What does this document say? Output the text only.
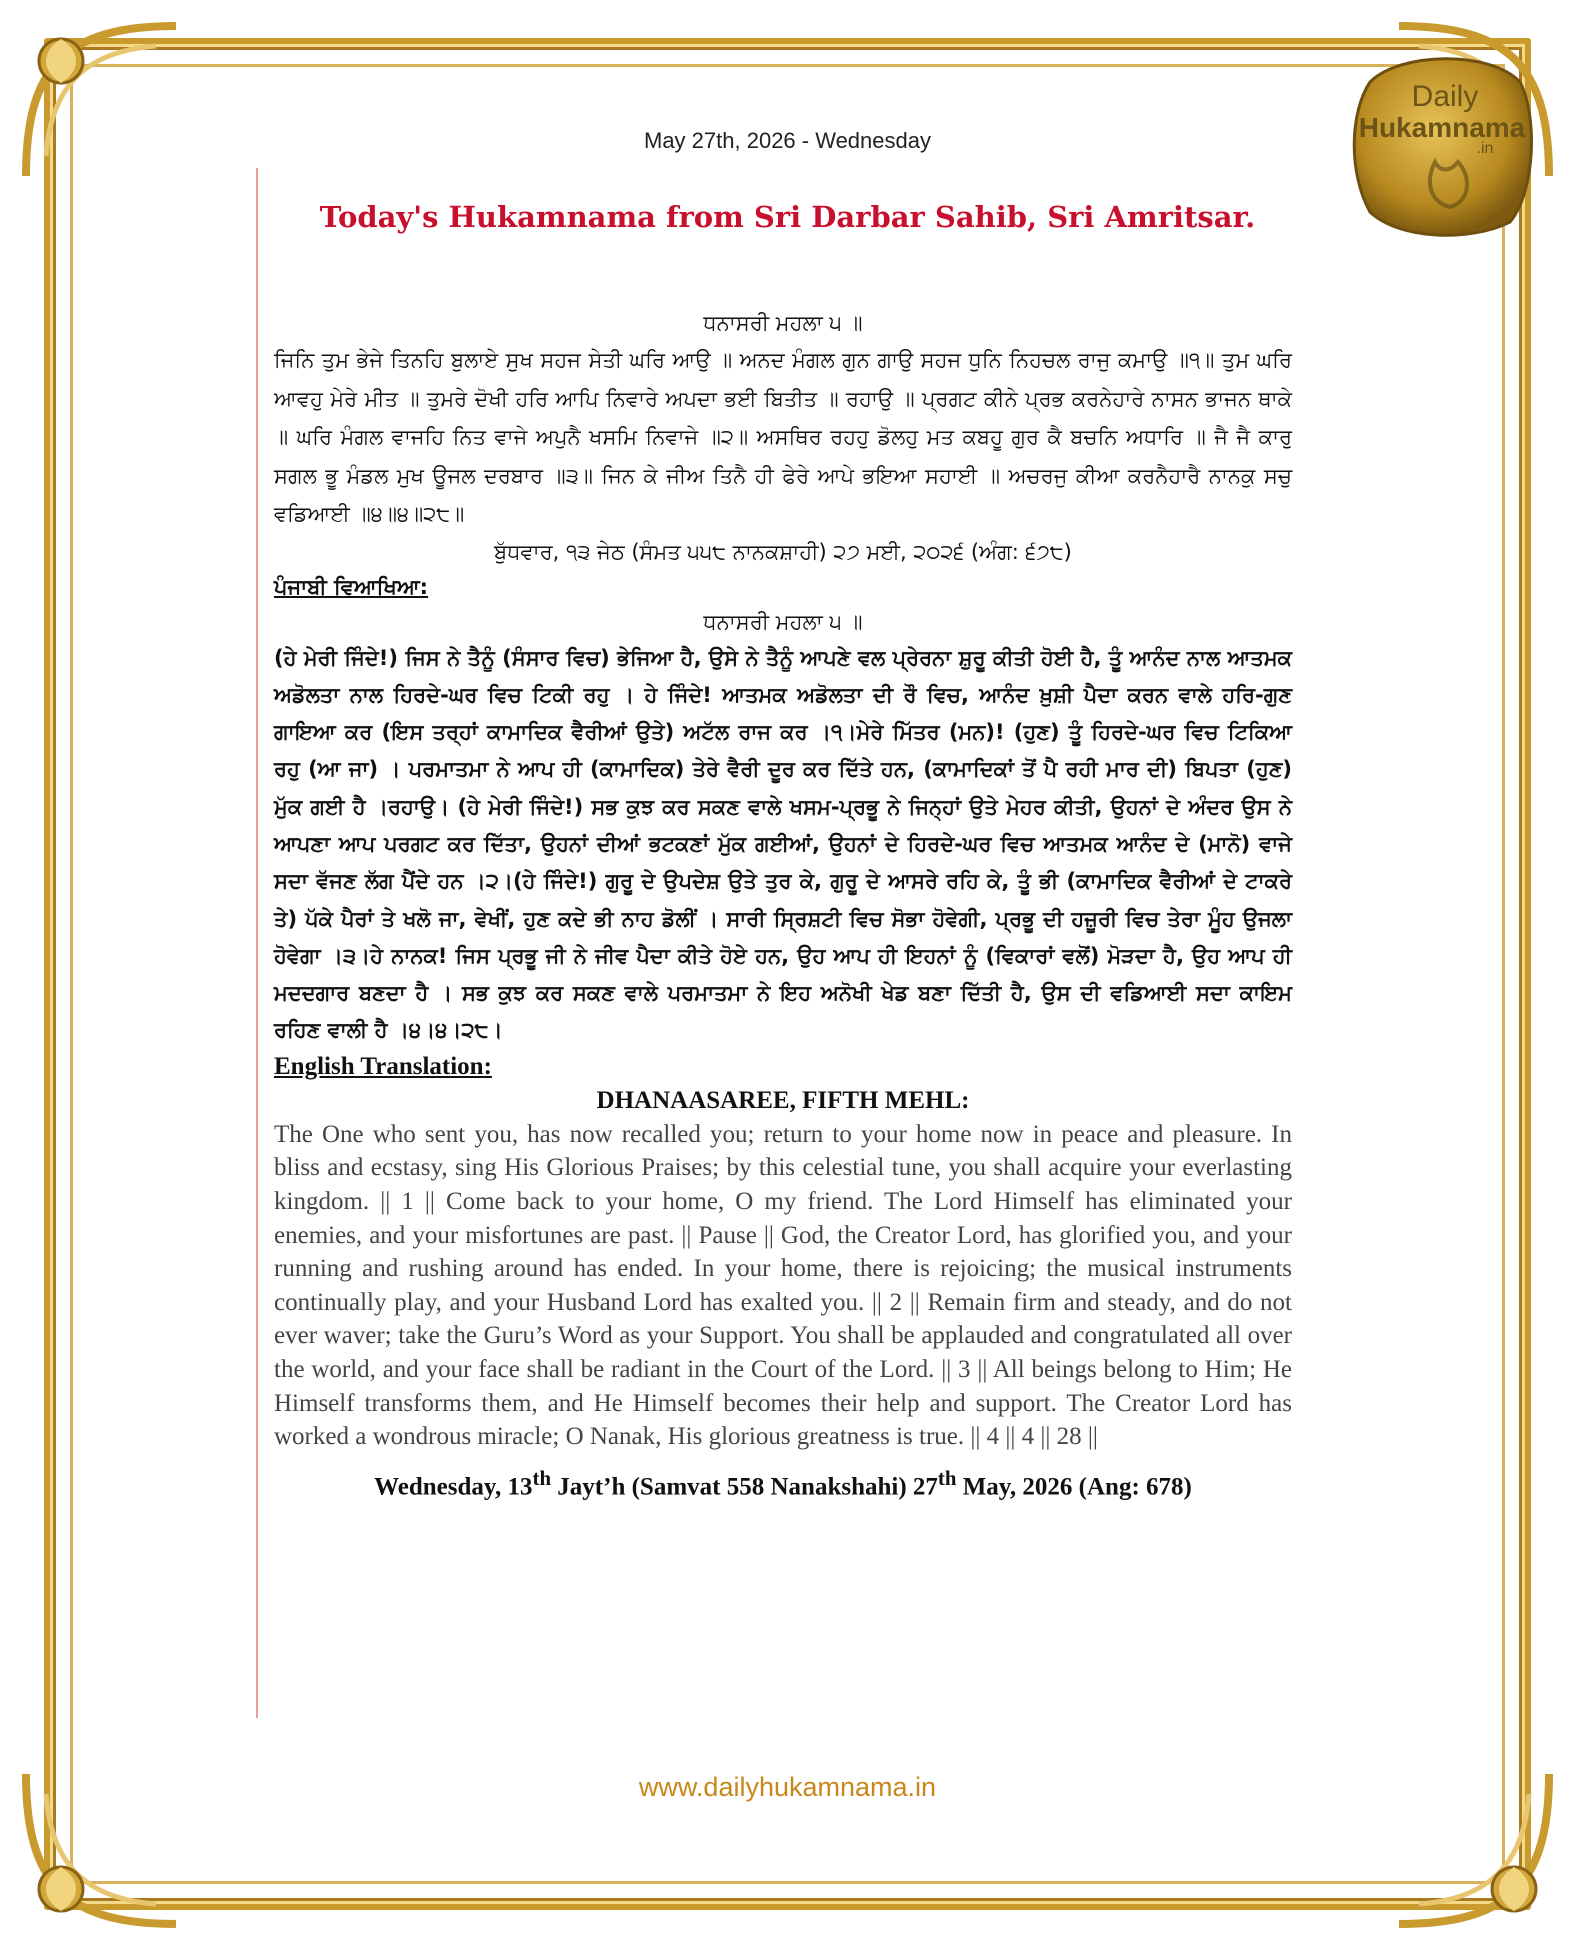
Daily
Hukamnama
.in
May 27th, 2026 - Wednesday
Today's Hukamnama from Sri Darbar Sahib, Sri Amritsar.

ਧਨਾਸਰੀ ਮਹਲਾ ੫ ॥

ਜਿਨਿ ਤੁਮ ਭੇਜੇ ਤਿਨਹਿ ਬੁਲਾਏ ਸੁਖ ਸਹਜ ਸੇਤੀ ਘਰਿ ਆਉ ॥ ਅਨਦ ਮੰਗਲ ਗੁਨ ਗਾਉ ਸਹਜ ਧੁਨਿ ਨਿਹਚਲ ਰਾਜੁ ਕਮਾਉ ॥੧॥ ਤੁਮ ਘਰਿ ਆਵਹੁ ਮੇਰੇ ਮੀਤ ॥ ਤੁਮਰੇ ਦੋਖੀ ਹਰਿ ਆਪਿ ਨਿਵਾਰੇ ਅਪਦਾ ਭਈ ਬਿਤੀਤ ॥ ਰਹਾਉ ॥ ਪ੍ਰਗਟ ਕੀਨੇ ਪ੍ਰਭ ਕਰਨੇਹਾਰੇ ਨਾਸਨ ਭਾਜਨ ਥਾਕੇ ॥ ਘਰਿ ਮੰਗਲ ਵਾਜਹਿ ਨਿਤ ਵਾਜੇ ਅਪੁਨੈ ਖਸਮਿ ਨਿਵਾਜੇ ॥੨॥ ਅਸਥਿਰ ਰਹਹੁ ਡੋਲਹੁ ਮਤ ਕਬਹੂ ਗੁਰ ਕੈ ਬਚਨਿ ਅਧਾਰਿ ॥ ਜੈ ਜੈ ਕਾਰੁ ਸਗਲ ਭੂ ਮੰਡਲ ਮੁਖ ਊਜਲ ਦਰਬਾਰ ॥੩॥ ਜਿਨ ਕੇ ਜੀਅ ਤਿਨੈ ਹੀ ਫੇਰੇ ਆਪੇ ਭਇਆ ਸਹਾਈ ॥ ਅਚਰਜੁ ਕੀਆ ਕਰਨੈਹਾਰੈ ਨਾਨਕੁ ਸਚੁ ਵਡਿਆਈ ॥੪॥੪॥੨੮॥

ਬੁੱਧਵਾਰ, ੧੩ ਜੇਠ (ਸੰਮਤ ੫੫੮ ਨਾਨਕਸ਼ਾਹੀ) ੨੭ ਮਈ, ੨੦੨੬ (ਅੰਗ: ੬੭੮)

ਪੰਜਾਬੀ ਵਿਆਖਿਆ:

ਧਨਾਸਰੀ ਮਹਲਾ ੫ ॥

(ਹੇ ਮੇਰੀ ਜਿੰਦੇ!) ਜਿਸ ਨੇ ਤੈਨੂੰ (ਸੰਸਾਰ ਵਿਚ) ਭੇਜਿਆ ਹੈ, ਉਸੇ ਨੇ ਤੈਨੂੰ ਆਪਣੇ ਵਲ ਪ੍ਰੇਰਨਾ ਸ਼ੁਰੂ ਕੀਤੀ ਹੋਈ ਹੈ, ਤੂੰ ਆਨੰਦ ਨਾਲ ਆਤਮਕ ਅਡੋਲਤਾ ਨਾਲ ਹਿਰਦੇ-ਘਰ ਵਿਚ ਟਿਕੀ ਰਹੁ । ਹੇ ਜਿੰਦੇ! ਆਤਮਕ ਅਡੋਲਤਾ ਦੀ ਰੌ ਵਿਚ, ਆਨੰਦ ਖ਼ੁਸ਼ੀ ਪੈਦਾ ਕਰਨ ਵਾਲੇ ਹਰਿ-ਗੁਣ ਗਾਇਆ ਕਰ (ਇਸ ਤਰ੍ਹਾਂ ਕਾਮਾਦਿਕ ਵੈਰੀਆਂ ਉਤੇ) ਅਟੱਲ ਰਾਜ ਕਰ ।੧।ਮੇਰੇ ਮਿੱਤਰ (ਮਨ)! (ਹੁਣ) ਤੂੰ ਹਿਰਦੇ-ਘਰ ਵਿਚ ਟਿਕਿਆ ਰਹੁ (ਆ ਜਾ) । ਪਰਮਾਤਮਾ ਨੇ ਆਪ ਹੀ (ਕਾਮਾਦਿਕ) ਤੇਰੇ ਵੈਰੀ ਦੂਰ ਕਰ ਦਿੱਤੇ ਹਨ, (ਕਾਮਾਦਿਕਾਂ ਤੋਂ ਪੈ ਰਹੀ ਮਾਰ ਦੀ) ਬਿਪਤਾ (ਹੁਣ) ਮੁੱਕ ਗਈ ਹੈ ।ਰਹਾਉ। (ਹੇ ਮੇਰੀ ਜਿੰਦੇ!) ਸਭ ਕੁਝ ਕਰ ਸਕਣ ਵਾਲੇ ਖਸਮ-ਪ੍ਰਭੂ ਨੇ ਜਿਨ੍ਹਾਂ ਉਤੇ ਮੇਹਰ ਕੀਤੀ, ਉਹਨਾਂ ਦੇ ਅੰਦਰ ਉਸ ਨੇ ਆਪਣਾ ਆਪ ਪਰਗਟ ਕਰ ਦਿੱਤਾ, ਉਹਨਾਂ ਦੀਆਂ ਭਟਕਣਾਂ ਮੁੱਕ ਗਈਆਂ, ਉਹਨਾਂ ਦੇ ਹਿਰਦੇ-ਘਰ ਵਿਚ ਆਤਮਕ ਆਨੰਦ ਦੇ (ਮਾਨੋ) ਵਾਜੇ ਸਦਾ ਵੱਜਣ ਲੱਗ ਪੈਂਦੇ ਹਨ ।੨।(ਹੇ ਜਿੰਦੇ!) ਗੁਰੂ ਦੇ ਉਪਦੇਸ਼ ਉਤੇ ਤੁਰ ਕੇ, ਗੁਰੂ ਦੇ ਆਸਰੇ ਰਹਿ ਕੇ, ਤੂੰ ਭੀ (ਕਾਮਾਦਿਕ ਵੈਰੀਆਂ ਦੇ ਟਾਕਰੇ ਤੇ) ਪੱਕੇ ਪੈਰਾਂ ਤੇ ਖਲੋ ਜਾ, ਵੇਖੀਂ, ਹੁਣ ਕਦੇ ਭੀ ਨਾਹ ਡੋਲੀਂ । ਸਾਰੀ ਸ੍ਰਿਸ਼ਟੀ ਵਿਚ ਸੋਭਾ ਹੋਵੇਗੀ, ਪ੍ਰਭੂ ਦੀ ਹਜ਼ੂਰੀ ਵਿਚ ਤੇਰਾ ਮੂੰਹ ਉਜਲਾ ਹੋਵੇਗਾ ।੩।ਹੇ ਨਾਨਕ! ਜਿਸ ਪ੍ਰਭੂ ਜੀ ਨੇ ਜੀਵ ਪੈਦਾ ਕੀਤੇ ਹੋਏ ਹਨ, ਉਹ ਆਪ ਹੀ ਇਹਨਾਂ ਨੂੰ (ਵਿਕਾਰਾਂ ਵਲੋਂ) ਮੋੜਦਾ ਹੈ, ਉਹ ਆਪ ਹੀ ਮਦਦਗਾਰ ਬਣਦਾ ਹੈ । ਸਭ ਕੁਝ ਕਰ ਸਕਣ ਵਾਲੇ ਪਰਮਾਤਮਾ ਨੇ ਇਹ ਅਨੋਖੀ ਖੇਡ ਬਣਾ ਦਿੱਤੀ ਹੈ, ਉਸ ਦੀ ਵਡਿਆਈ ਸਦਾ ਕਾਇਮ ਰਹਿਣ ਵਾਲੀ ਹੈ ।੪।੪।੨੮।

English Translation:

DHANAASAREE, FIFTH MEHL:

The One who sent you, has now recalled you; return to your home now in peace and pleasure. In bliss and ecstasy, sing His Glorious Praises; by this celestial tune, you shall acquire your everlasting kingdom. || 1 || Come back to your home, O my friend. The Lord Himself has eliminated your enemies, and your misfortunes are past. || Pause || God, the Creator Lord, has glorified you, and your running and rushing around has ended. In your home, there is rejoicing; the musical instruments continually play, and your Husband Lord has exalted you. || 2 || Remain firm and steady, and do not ever waver; take the Guru’s Word as your Support. You shall be applauded and congratulated all over the world, and your face shall be radiant in the Court of the Lord. || 3 || All beings belong to Him; He Himself transforms them, and He Himself becomes their help and support. The Creator Lord has worked a wondrous miracle; O Nanak, His glorious greatness is true. || 4 || 4 || 28 ||

Wednesday, 13th Jayt’h (Samvat 558 Nanakshahi) 27th May, 2026 (Ang: 678)

www.dailyhukamnama.in
